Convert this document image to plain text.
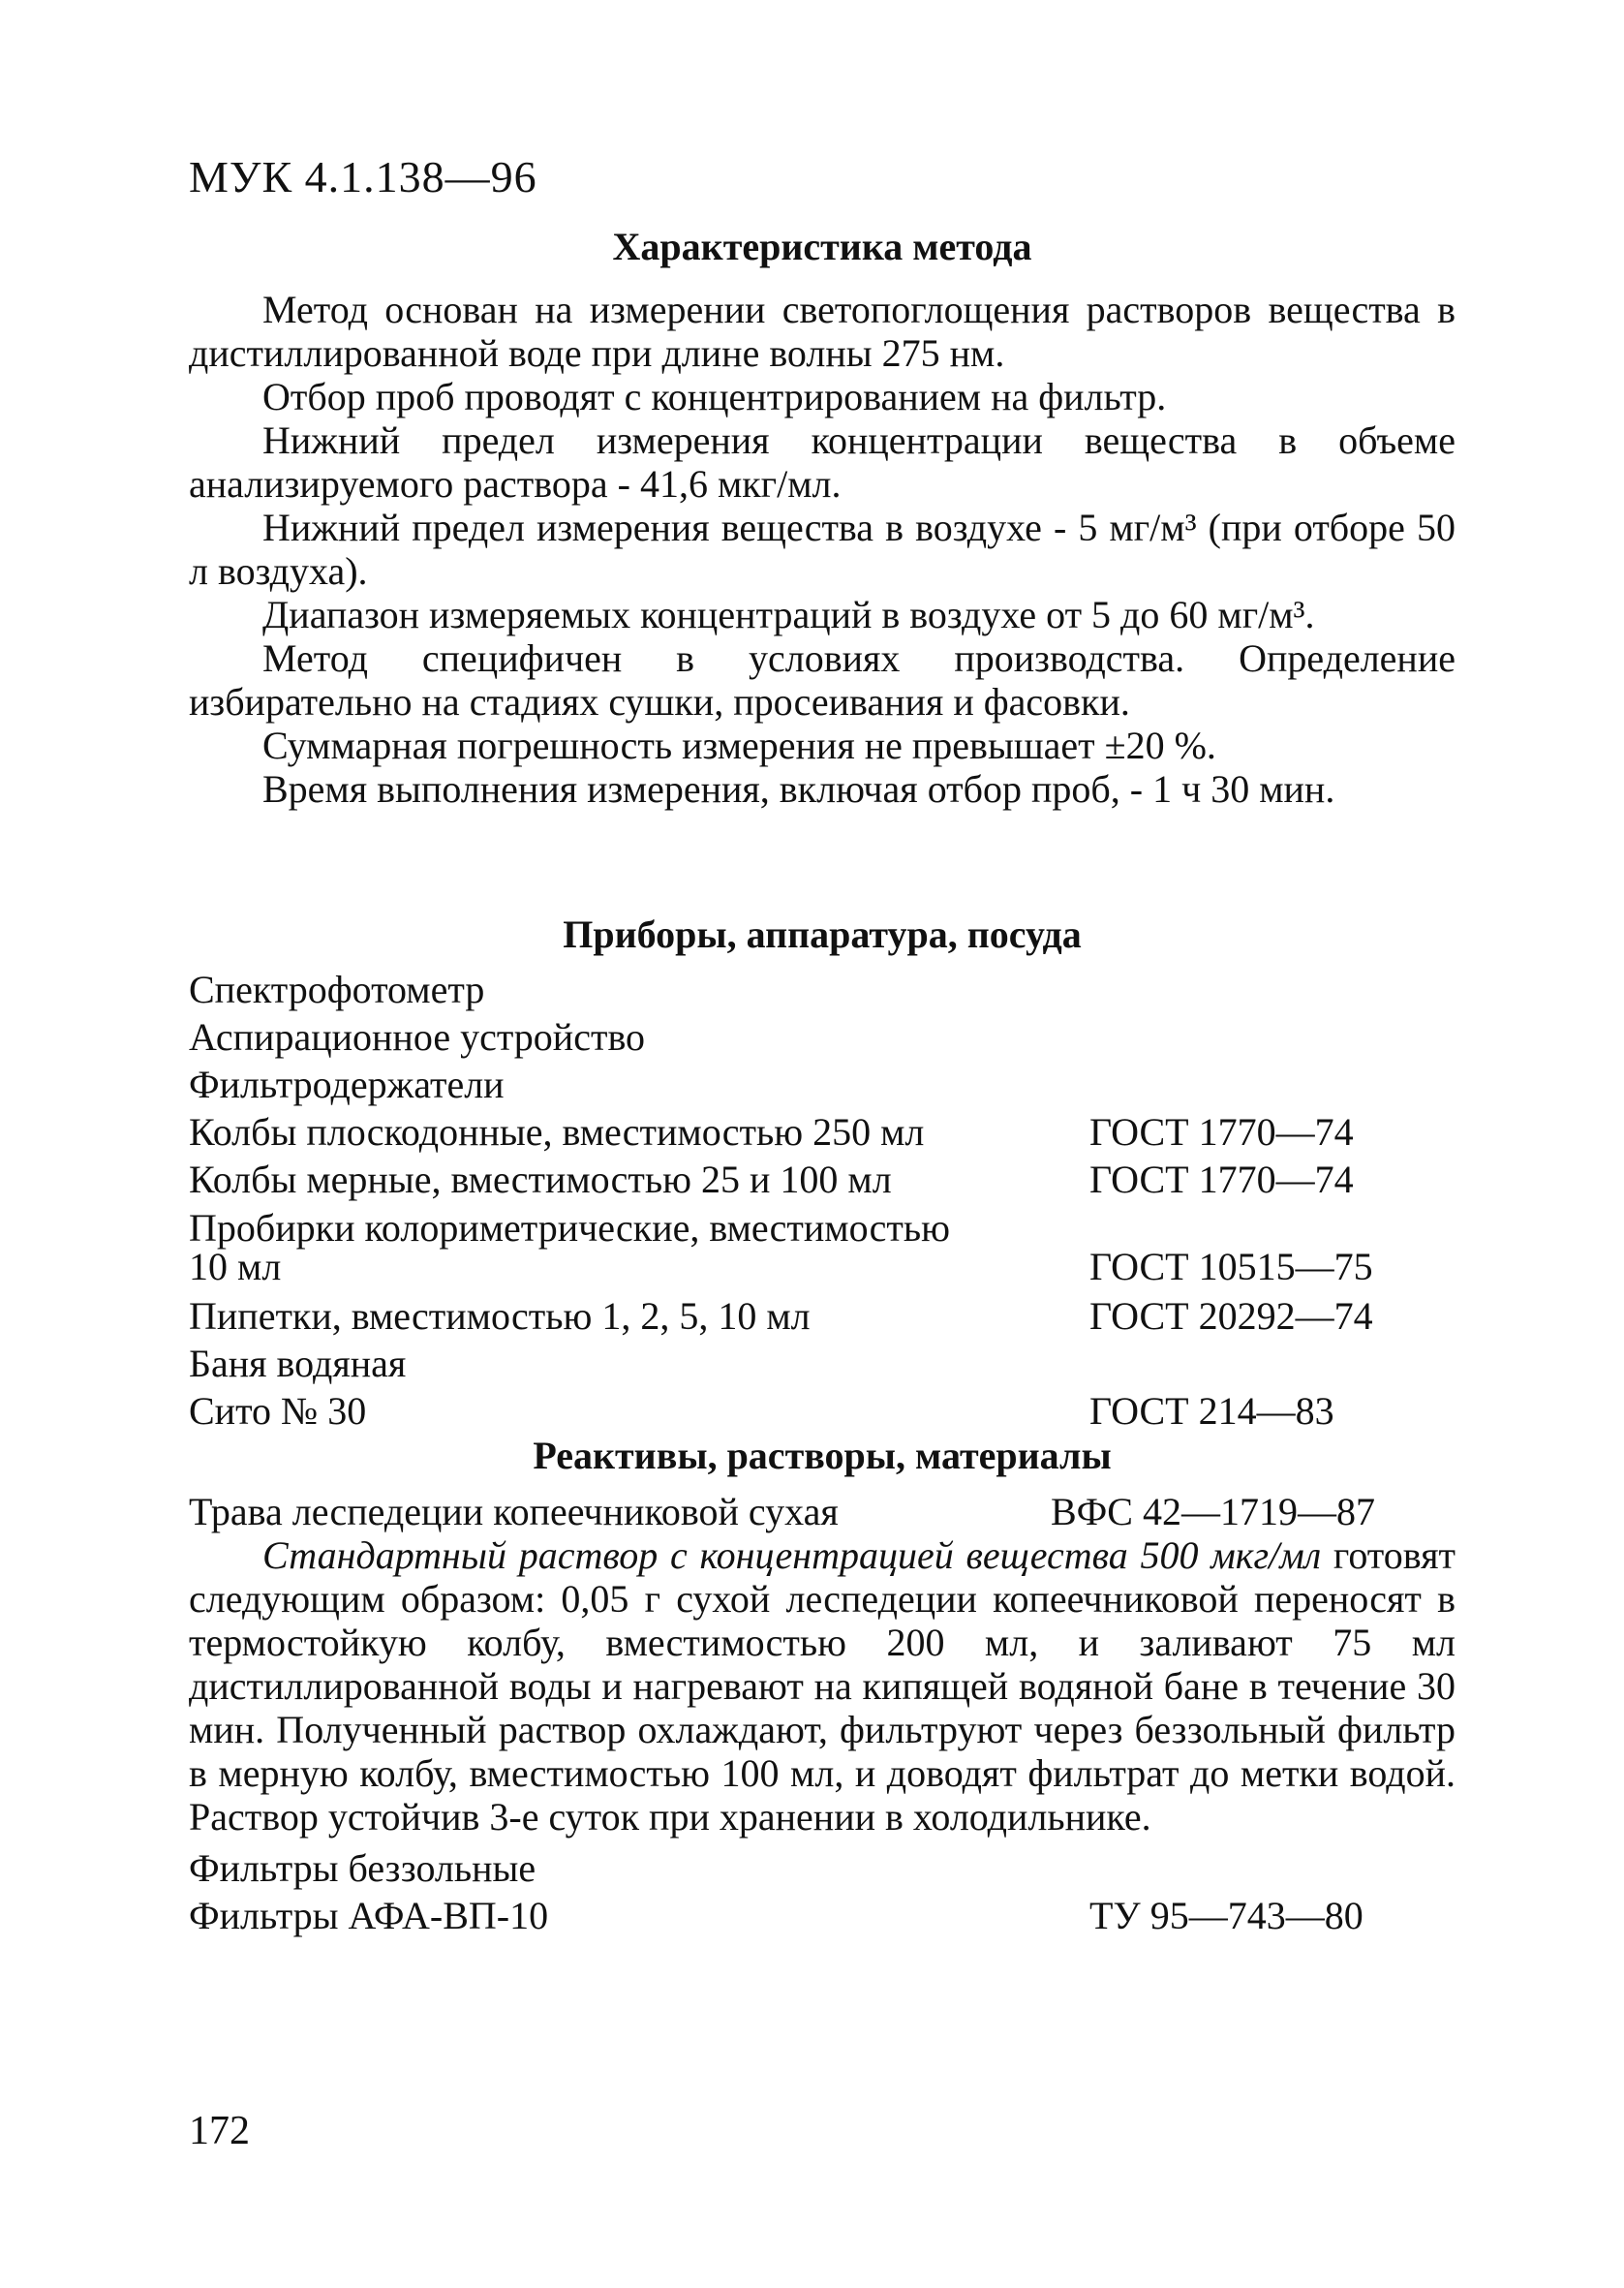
МУК 4.1.138—96
Характеристика метода

Метод основан на измерении светопоглощения растворов вещества в дистиллированной воде при длине волны 275 нм.

Отбор проб проводят с концентрированием на фильтр.

Нижний предел измерения концентрации вещества в объеме анализируемого раствора - 41,6 мкг/мл.

Нижний предел измерения вещества в воздухе - 5 мг/м³ (при отборе 50 л воздуха).

Диапазон измеряемых концентраций в воздухе от 5 до 60 мг/м³.

Метод специфичен в условиях производства. Определение избирательно на стадиях сушки, просеивания и фасовки.

Суммарная погрешность измерения не превышает ±20 %.

Время выполнения измерения, включая отбор проб, - 1 ч 30 мин.

Приборы, аппаратура, посуда
Спектрофотометр
Аспирационное устройство
Фильтродержатели
Колбы плоскодонные, вместимостью 250 мл	ГОСТ 1770—74
Колбы мерные, вместимостью 25 и 100 мл	ГОСТ 1770—74
Пробирки колориметрические, вместимостью
10 мл	ГОСТ 10515—75
Пипетки, вместимостью 1, 2, 5, 10 мл	ГОСТ 20292—74
Баня водяная
Сито № 30	ГОСТ 214—83
Реактивы, растворы, материалы
Трава леспедеции копеечниковой сухая	ВФС 42—1719—87

Стандартный раствор с концентрацией вещества 500 мкг/мл готовят следующим образом: 0,05 г сухой леспедеции копеечниковой переносят в термостойкую колбу, вместимостью 200 мл, и заливают 75 мл дистиллированной воды и нагревают на кипящей водяной бане в течение 30 мин. Полученный раствор охлаждают, фильтруют через беззольный фильтр в мерную колбу, вместимостью 100 мл, и доводят фильтрат до метки водой. Раствор устойчив 3-е суток при хранении в холодильнике.

Фильтры беззольные
Фильтры АФА-ВП-10	ТУ 95—743—80
172
